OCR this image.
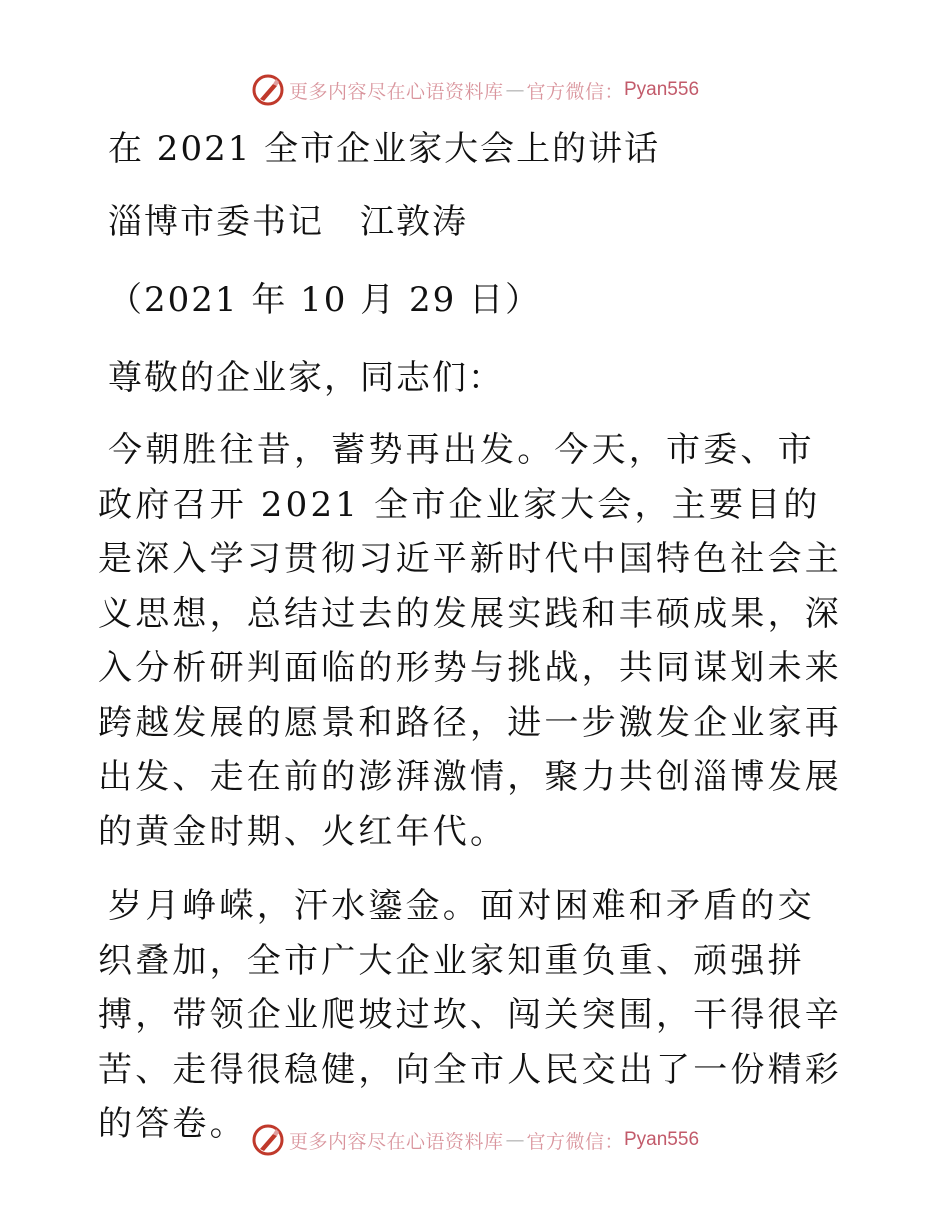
更多内容尽在心语资料库 — 官方微信： Pyan556
在 2021 全市企业家大会上的讲话
淄博市委书记　江敦涛
（2021 年 10 月 29 日）
尊敬的企业家，同志们：
今朝胜往昔，蓄势再出发。今天，市委、市政府召开 2021 全市企业家大会，主要目的是深入学习贯彻习近平新时代中国特色社会主义思想，总结过去的发展实践和丰硕成果，深入分析研判面临的形势与挑战，共同谋划未来跨越发展的愿景和路径，进一步激发企业家再出发、走在前的澎湃激情，聚力共创淄博发展的黄金时期、火红年代。
岁月峥嵘，汗水鎏金。面对困难和矛盾的交织叠加，全市广大企业家知重负重、顽强拼搏，带领企业爬坡过坎、闯关突围，干得很辛苦、走得很稳健，向全市人民交出了一份精彩的答卷。	更多内容尽在心语资料库 — 官方微信： Pyan556
